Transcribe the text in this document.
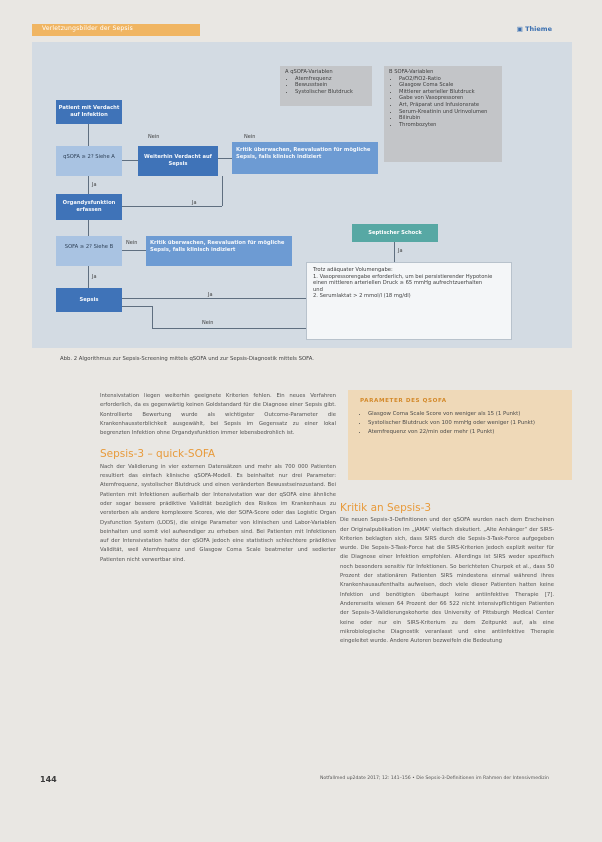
Verletzungsbilder der Sepsis	▣ Thieme
A qSOFA-Variablen
• Atemfrequenz
• Bewusstsein
• Systolischer Blutdruck
B SOFA-Variablen
• PaO2/FiO2-Ratio
• Glasgow Coma Scale
• Mittlerer arterieller Blutdruck
• Gabe von Vasopressoren
• Art, Präparat und Infusionsrate
• Serum-Kreatinin und Urinvolumen
• Bilirubin
• Thrombozyten
Patient mit Verdacht auf Infektion
qSOFA ≥ 2? Siehe A	Weiterhin Verdacht auf Sepsis
Kritik überwachen, Reevaluation für mögliche Sepsis, falls klinisch indiziert
Organdysfunktion erfassen
SOFA ≥ 2? Siehe B
Kritik überwachen, Reevaluation für mögliche Sepsis, falls klinisch indiziert
Septischer Schock
Sepsis
Trotz adäquater Volumengabe:
1. Vasopressorengabe erforderlich, um bei persistierender Hypotonie einen mittleren arteriellen Druck ≥ 65 mmHg aufrechtzuerhalten
und
2. Serumlaktat > 2 mmol/l (18 mg/dl)
Nein	Nein
Ja
Ja
Nein
Ja
Ja
Nein
Ja
Abb. 2 Algorithmus zur Sepsis-Screening mittels qSOFA und zur Sepsis-Diagnostik mittels SOFA.

Intensivstation liegen weiterhin geeignete Kriterien fehlen. Ein neues Verfahren erforderlich, da es gegenwärtig keinen Goldstandard für die Diagnose einer Sepsis gibt. Kontrollierte Bewertung wurde als wichtigster Outcome-Parameter die Krankenhaussterblichkeit ausgewählt, bei Sepsis im Gegensatz zu einer lokal begrenzten Infektion ohne Organdysfunktion immer lebensbedrohlich ist.

Sepsis-3 – quick-SOFA

Nach der Validierung in vier externen Datensätzen und mehr als 700 000 Patienten resultiert das einfach klinische qSOFA-Modell. Es beinhaltet nur drei Parameter: Atemfrequenz, systolischer Blutdruck und einen veränderten Bewusstseinszustand. Bei Patienten mit Infektionen außerhalb der Intensivstation war der qSOFA eine ähnliche oder sogar bessere prädiktive Validität bezüglich des Risikos im Krankenhaus zu versterben als andere komplexere Scores, wie der SOFA-Score oder das Logistic Organ Dysfunction System (LODS), die einige Parameter von klinischen und Labor-Variablen beinhalten und somit viel aufwendiger zu erheben sind. Bei Patienten mit Infektionen auf der Intensivstation hatte der qSOFA jedoch eine statistisch schlechtere prädiktive Validität, weil Atemfrequenz und Glasgow Coma Scale beatmeter und sedierter Patienten nicht verwertbar sind.

PARAMETER DES QSOFA
• Glasgow Coma Scale Score von weniger als 15 (1 Punkt)
• Systolischer Blutdruck von 100 mmHg oder weniger (1 Punkt)
• Atemfrequenz von 22/min oder mehr (1 Punkt)
Kritik an Sepsis-3

Die neuen Sepsis-3-Definitionen und der qSOFA wurden nach dem Erscheinen der Originalpublikation im „JAMA“ vielfach diskutiert. „Alte Anhänger“ der SIRS-Kriterien beklagten sich, dass SIRS durch die Sepsis-3-Task-Force aufgegeben wurde. Die Sepsis-3-Task-Force hat die SIRS-Kriterien jedoch explizit weiter für die Diagnose einer Infektion empfohlen. Allerdings ist SIRS weder spezifisch noch besonders sensitiv für Infektionen. So berichteten Churpek et al., dass 50 Prozent der stationären Patienten SIRS mindestens einmal während ihres Krankenhausaufenthalts aufweisen, doch viele dieser Patienten hatten keine Infektion und benötigten überhaupt keine antiinfektive Therapie [7]. Andererseits wiesen 64 Prozent der 66 522 nicht intensivpflichtigen Patienten der Sepsis-3-Validierungskohorte des University of Pittsburgh Medical Center keine oder nur ein SIRS-Kriterium zu dem Zeitpunkt auf, als eine mikrobiologische Diagnostik veranlasst und eine antiinfektive Therapie eingeleitet wurde. Andere Autoren bezweifeln die Bedeutung

144	Notfallmed up2date 2017; 12: 141–156 • Die Sepsis-3-Definitionen im Rahmen der Intensivmedizin
